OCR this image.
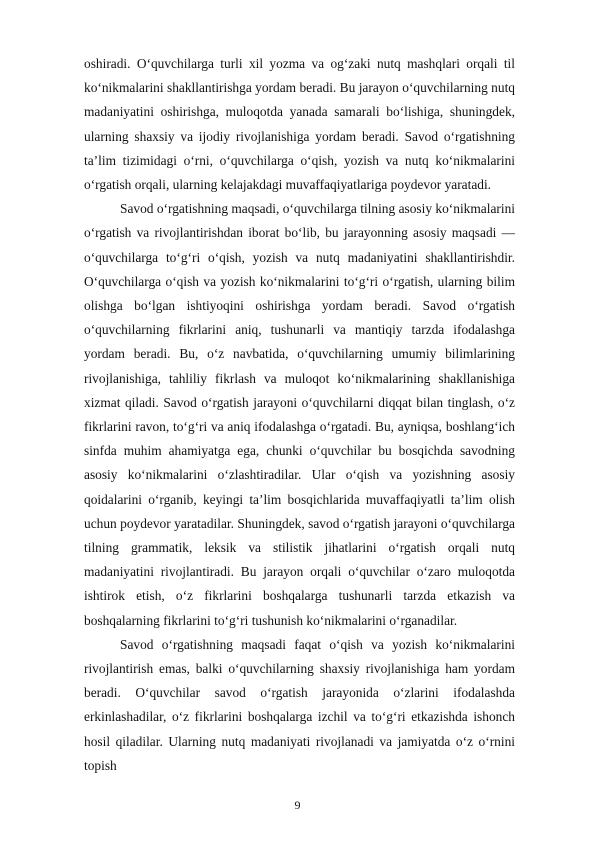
oshiradi. O‘quvchilarga turli xil yozma va og‘zaki nutq mashqlari orqali til ko‘nikmalarini shakllantirishga yordam beradi. Bu jarayon o‘quvchilarning nutq madaniyatini oshirishga, muloqotda yanada samarali bo‘lishiga, shuningdek, ularning shaxsiy va ijodiy rivojlanishiga yordam beradi. Savod o‘rgatishning ta’lim tizimidagi o‘rni, o‘quvchilarga o‘qish, yozish va nutq ko‘nikmalarini o‘rgatish orqali, ularning kelajakdagi muvaffaqiyatlariga poydevor yaratadi.

Savod o‘rgatishning maqsadi, o‘quvchilarga tilning asosiy ko‘nikmalarini o‘rgatish va rivojlantirishdan iborat bo‘lib, bu jarayonning asosiy maqsadi — o‘quvchilarga to‘g‘ri o‘qish, yozish va nutq madaniyatini shakllantirishdir. O‘quvchilarga o‘qish va yozish ko‘nikmalarini to‘g‘ri o‘rgatish, ularning bilim olishga bo‘lgan ishtiyoqini oshirishga yordam beradi. Savod o‘rgatish o‘quvchilarning fikrlarini aniq, tushunarli va mantiqiy tarzda ifodalashga yordam beradi. Bu, o‘z navbatida, o‘quvchilarning umumiy bilimlarining rivojlanishiga, tahliliy fikrlash va muloqot ko‘nikmalarining shakllanishiga xizmat qiladi. Savod o‘rgatish jarayoni o‘quvchilarni diqqat bilan tinglash, o‘z fikrlarini ravon, to‘g‘ri va aniq ifodalashga o‘rgatadi. Bu, ayniqsa, boshlang‘ich sinfda muhim ahamiyatga ega, chunki o‘quvchilar bu bosqichda savodning asosiy ko‘nikmalarini o‘zlashtiradilar. Ular o‘qish va yozishning asosiy qoidalarini o‘rganib, keyingi ta’lim bosqichlarida muvaffaqiyatli ta’lim olish uchun poydevor yaratadilar. Shuningdek, savod o‘rgatish jarayoni o‘quvchilarga tilning grammatik, leksik va stilistik jihatlarini o‘rgatish orqali nutq madaniyatini rivojlantiradi. Bu jarayon orqali o‘quvchilar o‘zaro muloqotda ishtirok etish, o‘z fikrlarini boshqalarga tushunarli tarzda etkazish va boshqalarning fikrlarini to‘g‘ri tushunish ko‘nikmalarini o‘rganadilar.

Savod o‘rgatishning maqsadi faqat o‘qish va yozish ko‘nikmalarini rivojlantirish emas, balki o‘quvchilarning shaxsiy rivojlanishiga ham yordam beradi. O‘quvchilar savod o‘rgatish jarayonida o‘zlarini ifodalashda erkinlashadilar, o‘z fikrlarini boshqalarga izchil va to‘g‘ri etkazishda ishonch hosil qiladilar. Ularning nutq madaniyati rivojlanadi va jamiyatda o‘z o‘rnini topish

9
